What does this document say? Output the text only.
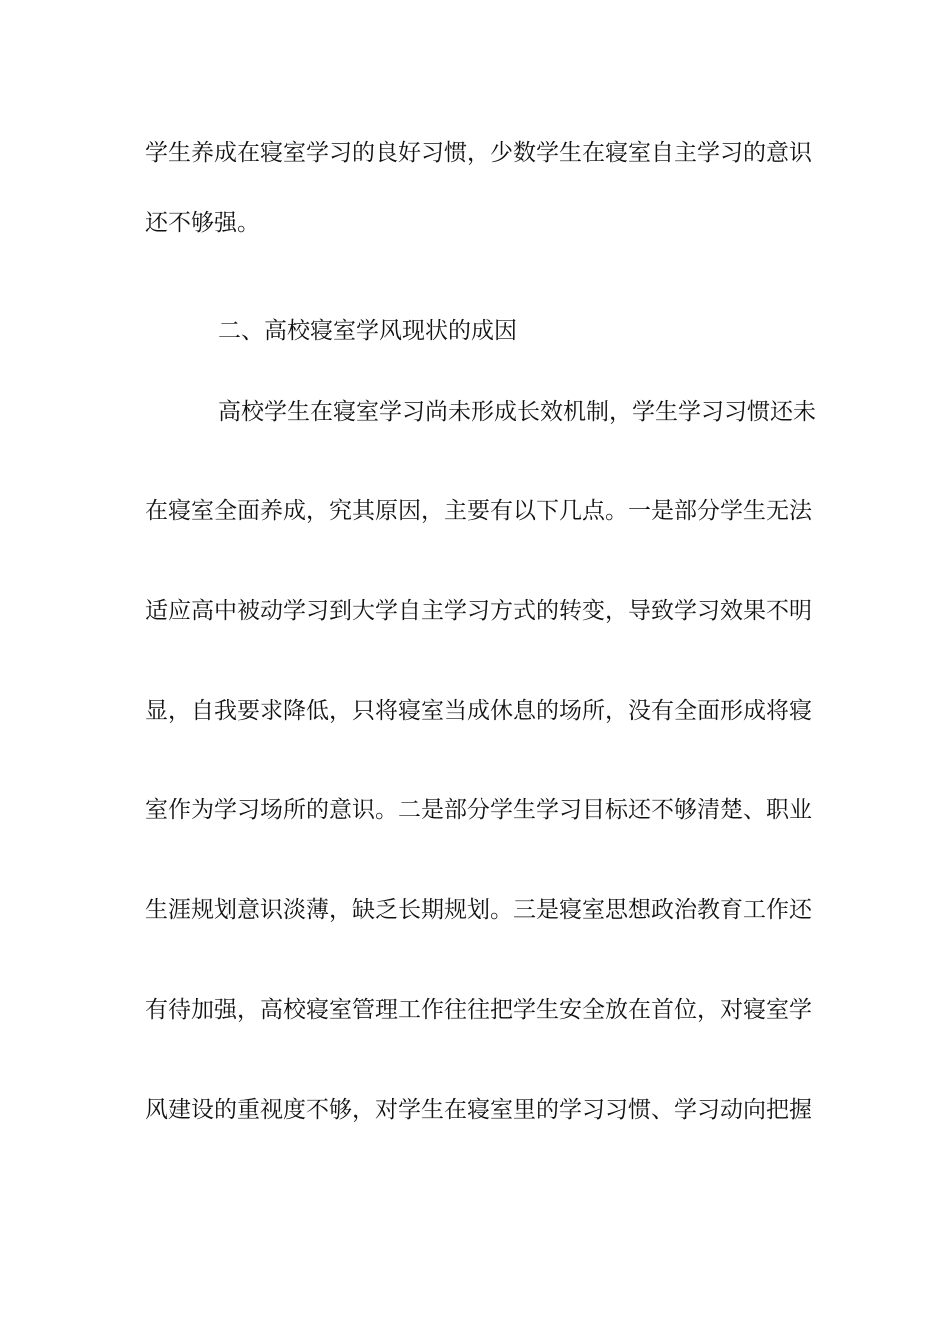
学生养成在寝室学习的良好习惯，少数学生在寝室自主学习的意识
还不够强。
二、高校寝室学风现状的成因
高校学生在寝室学习尚未形成长效机制，学生学习习惯还未
在寝室全面养成，究其原因，主要有以下几点。一是部分学生无法
适应高中被动学习到大学自主学习方式的转变，导致学习效果不明
显，自我要求降低，只将寝室当成休息的场所，没有全面形成将寝
室作为学习场所的意识。二是部分学生学习目标还不够清楚、职业
生涯规划意识淡薄，缺乏长期规划。三是寝室思想政治教育工作还
有待加强，高校寝室管理工作往往把学生安全放在首位，对寝室学
风建设的重视度不够，对学生在寝室里的学习习惯、学习动向把握
